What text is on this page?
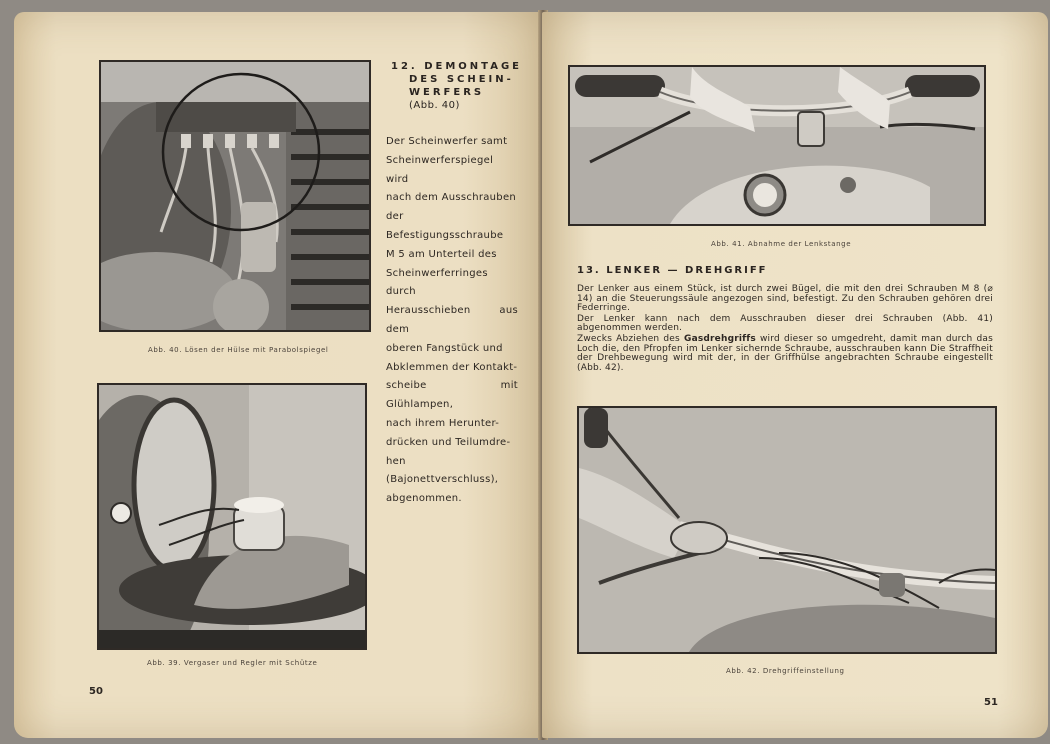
Abb. 40. Lösen der Hülse mit Parabolspiegel
12. DEMONTAGE
DES SCHEIN-
WERFERS
(Abb. 40)

Der Scheinwerfer samt

Scheinwerferspiegel wird

nach dem Ausschrauben

der Befestigungsschraube

M 5 am Unterteil des

Scheinwerferringes durch

Herausschieben aus dem

oberen Fangstück und

Abklemmen der Kontakt-

scheibe mit Glühlampen,

nach ihrem Herunter-

drücken und Teilumdre-

hen (Bajonettverschluss),

abgenommen.

Abb. 39. Vergaser und Regler mit Schütze
50
Abb. 41. Abnahme der Lenkstange
13. LENKER — DREHGRIFF

Der Lenker aus einem Stück, ist durch zwei Bügel, die mit den drei Schrauben M 8 (⌀ 14) an die Steuerungssäule angezogen sind, befestigt. Zu den Schrauben gehören drei Federringe.

Der Lenker kann nach dem Ausschrauben dieser drei Schrauben (Abb. 41) abgenommen werden.

Zwecks Abziehen des Gasdrehgriffs wird dieser so umgedreht, damit man durch das Loch die, den Pfropfen im Lenker sichernde Schraube, ausschrauben kann Die Straffheit der Drehbewegung wird mit der, in der Griffhülse angebrachten Schraube eingestellt (Abb. 42).

Abb. 42. Drehgriffeinstellung
51
